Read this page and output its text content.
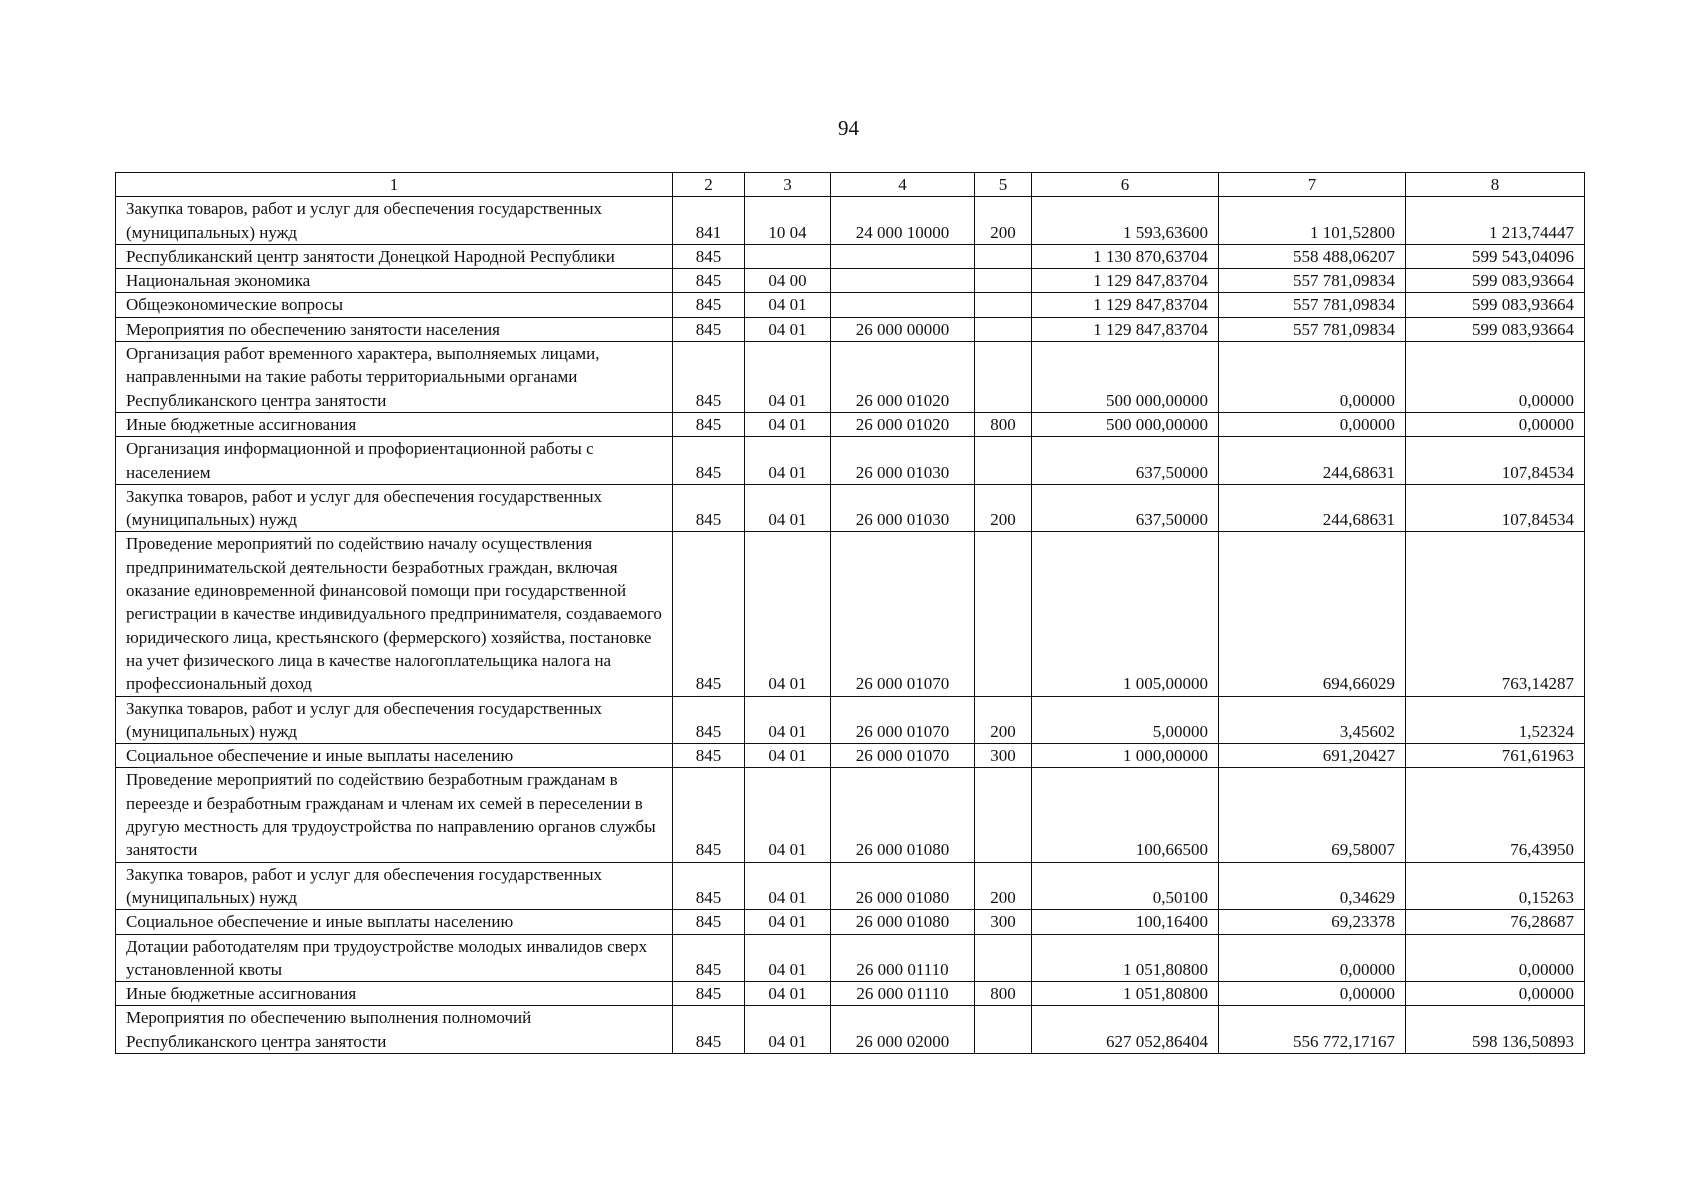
94
1	2	3	4	5	6	7	8
Закупка товаров, работ и услуг для обеспечения государственных (муниципальных) нужд	841	10 04	24 000 10000	200	1 593,63600	1 101,52800	1 213,74447
Республиканский центр занятости Донецкой Народной Республики	845				1 130 870,63704	558 488,06207	599 543,04096
Национальная экономика	845	04 00			1 129 847,83704	557 781,09834	599 083,93664
Общеэкономические вопросы	845	04 01			1 129 847,83704	557 781,09834	599 083,93664
Мероприятия по обеспечению занятости населения	845	04 01	26 000 00000		1 129 847,83704	557 781,09834	599 083,93664
Организация работ временного характера, выполняемых лицами, направленными на такие работы территориальными органами Республиканского центра занятости	845	04 01	26 000 01020		500 000,00000	0,00000	0,00000
Иные бюджетные ассигнования	845	04 01	26 000 01020	800	500 000,00000	0,00000	0,00000
Организация информационной и профориентационной работы с населением	845	04 01	26 000 01030		637,50000	244,68631	107,84534
Закупка товаров, работ и услуг для обеспечения государственных (муниципальных) нужд	845	04 01	26 000 01030	200	637,50000	244,68631	107,84534
Проведение мероприятий по содействию началу осуществления предпринимательской деятельности безработных граждан, включая оказание единовременной финансовой помощи при государственной регистрации в качестве индивидуального предпринимателя, создаваемого юридического лица, крестьянского (фермерского) хозяйства, постановке на учет физического лица в качестве налогоплательщика налога на профессиональный доход	845	04 01	26 000 01070		1 005,00000	694,66029	763,14287
Закупка товаров, работ и услуг для обеспечения государственных (муниципальных) нужд	845	04 01	26 000 01070	200	5,00000	3,45602	1,52324
Социальное обеспечение и иные выплаты населению	845	04 01	26 000 01070	300	1 000,00000	691,20427	761,61963
Проведение мероприятий по содействию безработным гражданам в переезде и безработным гражданам и членам их семей в переселении в другую местность для трудоустройства по направлению органов службы занятости	845	04 01	26 000 01080		100,66500	69,58007	76,43950
Закупка товаров, работ и услуг для обеспечения государственных (муниципальных) нужд	845	04 01	26 000 01080	200	0,50100	0,34629	0,15263
Социальное обеспечение и иные выплаты населению	845	04 01	26 000 01080	300	100,16400	69,23378	76,28687
Дотации работодателям при трудоустройстве молодых инвалидов сверх установленной квоты	845	04 01	26 000 01110		1 051,80800	0,00000	0,00000
Иные бюджетные ассигнования	845	04 01	26 000 01110	800	1 051,80800	0,00000	0,00000
Мероприятия по обеспечению выполнения полномочий Республиканского центра занятости	845	04 01	26 000 02000		627 052,86404	556 772,17167	598 136,50893
